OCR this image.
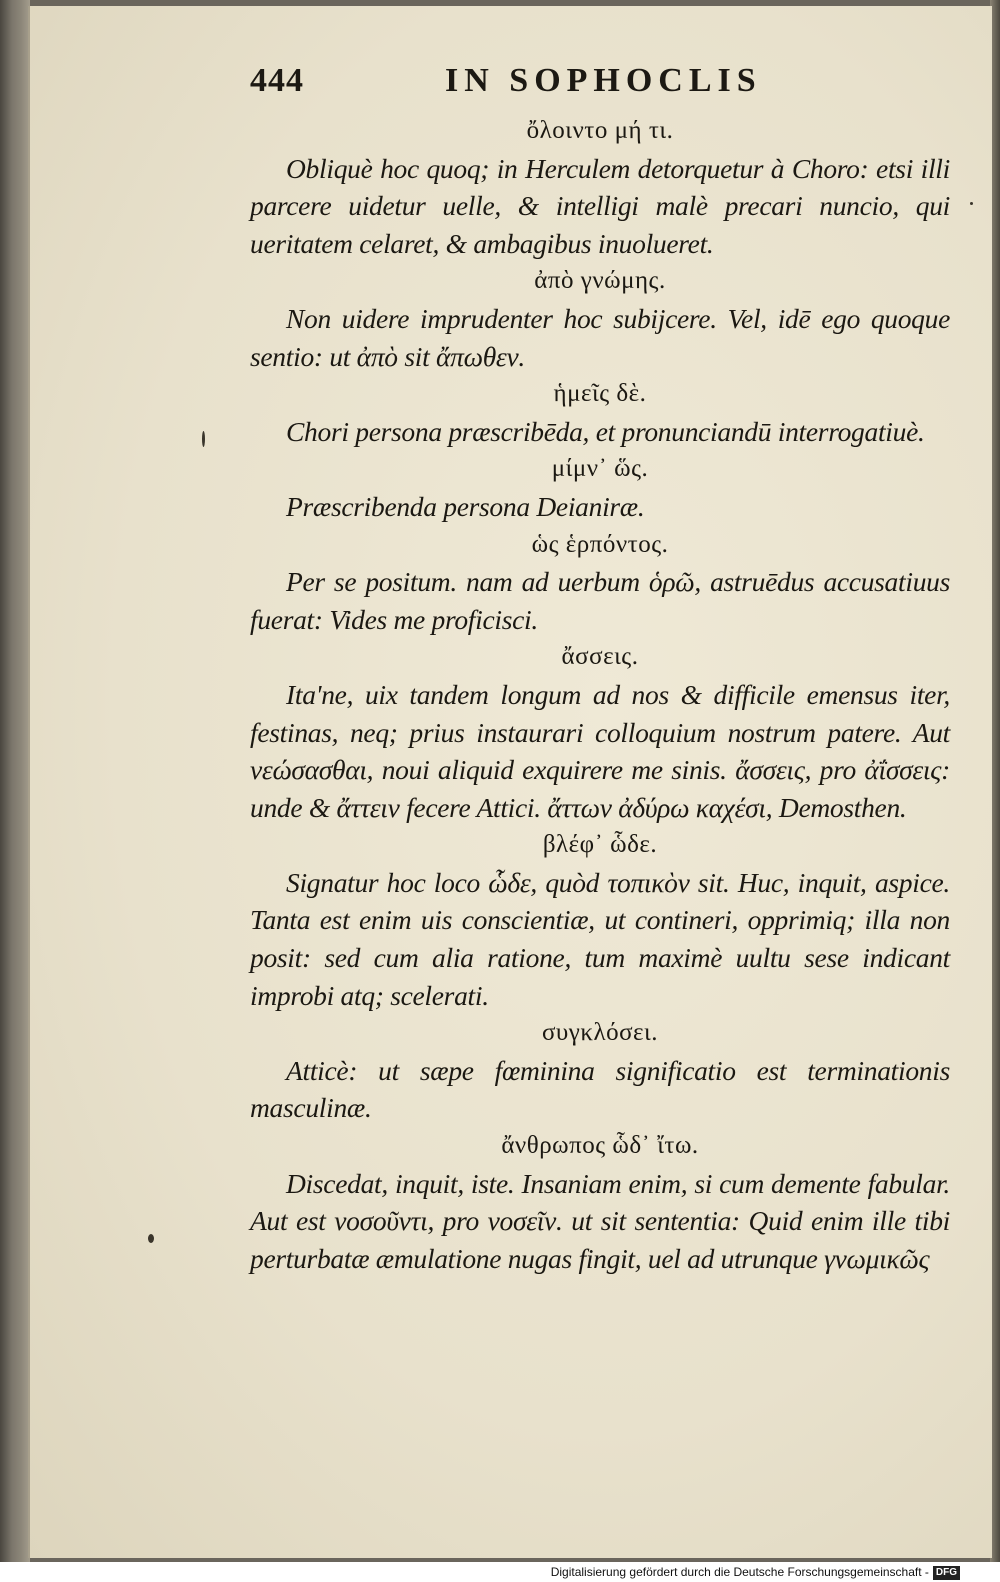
444	IN SOPHOCLIS

ὄλοιντο μή τι.

Obliquè hoc quoq; in Herculem detorquetur à Choro: etsi illi parcere uidetur uelle, & intelligi malè precari nuncio, qui ueritatem celaret, & ambagibus inuolueret.

ἀπὸ γνώμης.

Non uidere imprudenter hoc subijcere. Vel, idē ego quoque sentio: ut ἀπὸ sit ἄπωθεν.

ἡμεῖς δὲ.

Chori persona præscribēda, et pronunciandū interrogatiuè.

μίμν᾽ ὥς.

Præscribenda persona Deianiræ.

ὡς ἑρπόντος.

Per se positum. nam ad uerbum ὁρῶ, astruēdus accusatiuus fuerat: Vides me proficisci.

ἄσσεις.

Ita'ne, uix tandem longum ad nos & difficile emensus iter, festinas, neq; prius instaurari colloquium nostrum patere. Aut νεώσασθαι, noui aliquid exquirere me sinis. ἄσσεις, pro ἀΐσσεις: unde & ἄττειν fecere Attici. ἄττων ἀδύρω καχέσι, Demosthen.

βλέφ᾽ ὧδε.

Signatur hoc loco ὧδε, quòd τοπικὸν sit. Huc, inquit, aspice. Tanta est enim uis conscientiæ, ut contineri, opprimiq; illa non posit: sed cum alia ratione, tum maximè uultu sese indicant improbi atq; scelerati.

συγκλόσει.

Atticè: ut sæpe fœminina significatio est terminationis masculinæ.

ἄνθρωπος ὧδ᾽ ἴτω.

Discedat, inquit, iste. Insaniam enim, si cum demente fabular. Aut est νοσοῦντι, pro νοσεῖν. ut sit sententia: Quid enim ille tibi perturbatæ æmulatione nugas fingit, uel ad utrunque γνωμικῶς

Digitalisierung gefördert durch die Deutsche Forschungsgemeinschaft - DFG
